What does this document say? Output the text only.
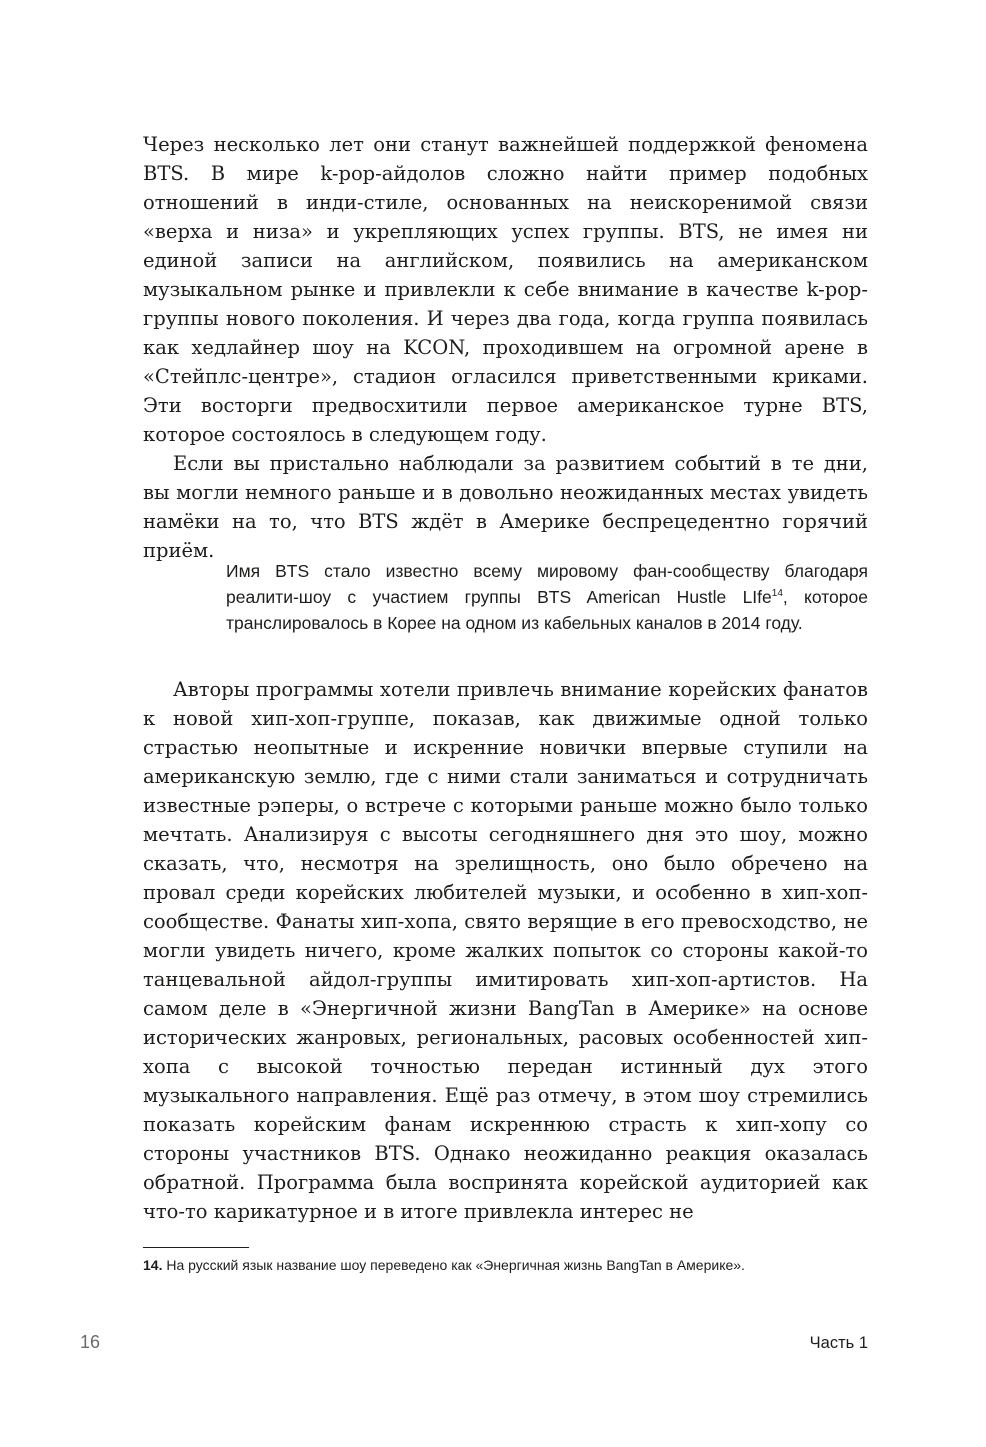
Через несколько лет они станут важнейшей поддержкой феномена BTS. В мире k-pop-айдолов сложно найти пример подобных отношений в инди-стиле, основанных на неискоренимой связи «верха и низа» и укрепляющих успех группы. BTS, не имея ни единой записи на английском, появились на американском музыкальном рынке и привлекли к себе внимание в качестве k-pop-группы нового поколения. И через два года, когда группа появилась как хедлайнер шоу на KCON, проходившем на огромной арене в «Стейплс-центре», стадион огласился приветственными криками. Эти восторги предвосхитили первое американское турне BTS, которое состоялось в следующем году.

Если вы пристально наблюдали за развитием событий в те дни, вы могли немного раньше и в довольно неожиданных местах увидеть намёки на то, что BTS ждёт в Америке беспрецедентно горячий приём.

Имя BTS стало известно всему мировому фан-сообществу благодаря реалити-шоу с участием группы BTS American Hustle LIfe$^{14}$, которое транслировалось в Корее на одном из кабельных каналов в 2014 году.

Авторы программы хотели привлечь внимание корейских фанатов к новой хип-хоп-группе, показав, как движимые одной только страстью неопытные и искренние новички впервые ступили на американскую землю, где с ними стали заниматься и сотрудничать известные рэперы, о встрече с которыми раньше можно было только мечтать. Анализируя с высоты сегодняшнего дня это шоу, можно сказать, что, несмотря на зрелищность, оно было обречено на провал среди корейских любителей музыки, и особенно в хип-хоп-сообществе. Фанаты хип-хопа, свято верящие в его превосходство, не могли увидеть ничего, кроме жалких попыток со стороны какой-то танцевальной айдол-группы имитировать хип-хоп-артистов. На самом деле в «Энергичной жизни BangTan в Америке» на основе исторических жанровых, региональных, расовых особенностей хип-хопа с высокой точностью передан истинный дух этого музыкального направления. Ещё раз отмечу, в этом шоу стремились показать корейским фанам искреннюю страсть к хип-хопу со стороны участников BTS. Однако неожиданно реакция оказалась обратной. Программа была воспринята корейской аудиторией как что-то карикатурное и в итоге привлекла интерес не

14. На русский язык название шоу переведено как «Энергичная жизнь BangTan в Америке».

16	Часть 1
